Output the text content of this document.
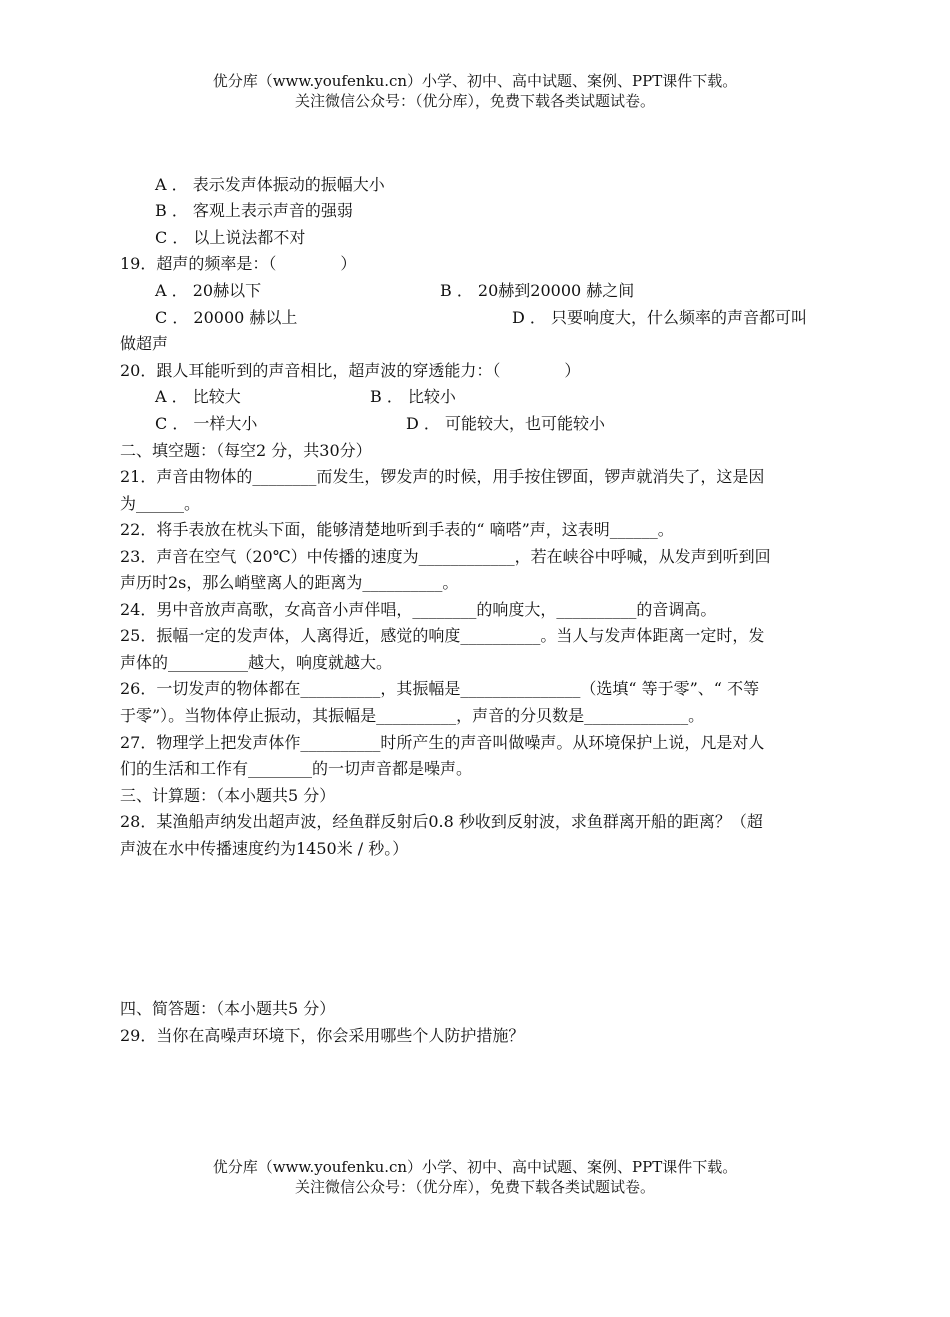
优分库（www.youfenku.cn）小学、初中、高中试题、案例、PPT课件下载。
关注微信公众号：（优分库），免费下载各类试题试卷。
A ． 表示发声体振动的振幅大小
B ． 客观上表示声音的强弱
C ． 以上说法都不对
19．超声的频率是：（　　　　）
A ． 20赫以下	B ． 20赫到20000 赫之间
C ． 20000 赫以上	D ． 只要响度大，什么频率的声音都可叫
做超声
20．跟人耳能听到的声音相比，超声波的穿透能力：（　　　　）
A ． 比较大	B ． 比较小
C ． 一样大小	D ． 可能较大，也可能较小
二、填空题：（每空2 分，共30分）
21．声音由物体的________而发生，锣发声的时候，用手按住锣面，锣声就消失了，这是因
为______。
22．将手表放在枕头下面，能够清楚地听到手表的“ 嘀嗒”声，这表明______。
23．声音在空气（20℃）中传播的速度为____________，若在峡谷中呼喊，从发声到听到回
声历时2s，那么峭壁离人的距离为__________。
24．男中音放声高歌，女高音小声伴唱，________的响度大，__________的音调高。
25．振幅一定的发声体，人离得近，感觉的响度__________。当人与发声体距离一定时，发
声体的__________越大，响度就越大。
26．一切发声的物体都在__________，其振幅是_______________（选填“ 等于零”、“ 不等
于零”）。当物体停止振动，其振幅是__________，声音的分贝数是_____________。
27．物理学上把发声体作__________时所产生的声音叫做噪声。从环境保护上说，凡是对人
们的生活和工作有________的一切声音都是噪声。
三、计算题：（本小题共5 分）
28．某渔船声纳发出超声波，经鱼群反射后0.8 秒收到反射波，求鱼群离开船的距离？（超
声波在水中传播速度约为1450米 / 秒。）
四、简答题：（本小题共5 分）
29．当你在高噪声环境下，你会采用哪些个人防护措施？
优分库（www.youfenku.cn）小学、初中、高中试题、案例、PPT课件下载。
关注微信公众号：（优分库），免费下载各类试题试卷。
